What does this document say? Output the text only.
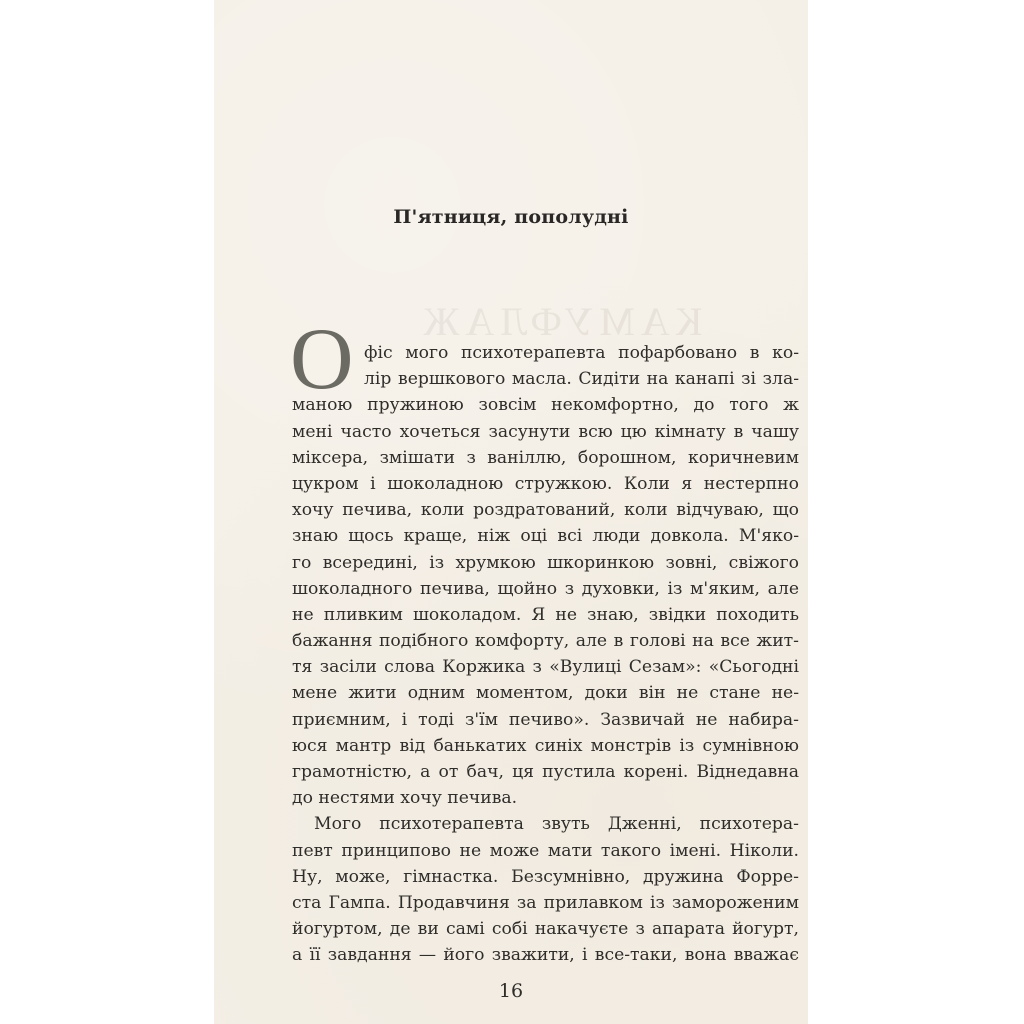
П'ятниця, пополудні
О фіс мого психотерапевта пофарбовано в ко-
лір вершкового масла. Сидіти на канапі зі зла-
маною пружиною зовсім некомфортно, до того ж
мені часто хочеться засунути всю цю кімнату в чашу
міксера, змішати з ваніллю, борошном, коричневим
цукром і шоколадною стружкою. Коли я нестерпно
хочу печива, коли роздратований, коли відчуваю, що
знаю щось краще, ніж оці всі люди довкола. М'яко-
го всередині, із хрумкою шкоринкою зовні, свіжого
шоколадного печива, щойно з духовки, із м'яким, але
не пливким шоколадом. Я не знаю, звідки походить
бажання подібного комфорту, але в голові на все жит-
тя засіли слова Коржика з «Вулиці Сезам»: «Сьогодні
мене жити одним моментом, доки він не стане не-
приємним, і тоді з'їм печиво». Зазвичай не набира-
юся мантр від банькатих синіх монстрів із сумнівною
грамотністю, а от бач, ця пустила корені. Віднедавна
до нестями хочу печива.
Мого психотерапевта звуть Дженні, психотера-
певт принципово не може мати такого імені. Ніколи.
Ну, може, гімнастка. Безсумнівно, дружина Форре-
ста Гампа. Продавчиня за прилавком із замороженим
йогуртом, де ви самі собі накачуєте з апарата йогурт,
а її завдання — його зважити, і все-таки, вона вважає
16
